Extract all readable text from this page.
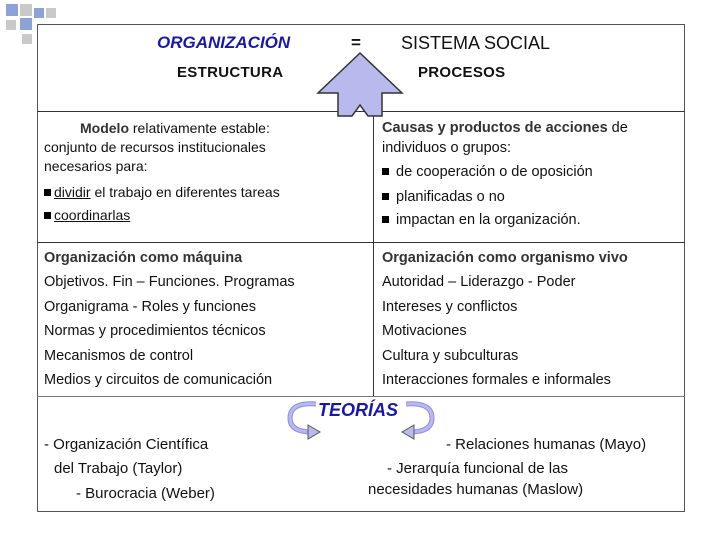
ORGANIZACIÓN	= SISTEMA SOCIAL
ESTRUCTURA	PROCESOS
Modelo relativamente estable:
conjunto de recursos institucionales
necesarios para:
dividir el trabajo en diferentes tareas
coordinarlas
Causas y productos de acciones de
individuos o grupos:
de cooperación o de oposición
planificadas o no
impactan en la organización.
Organización como máquina
Objetivos. Fin – Funciones. Programas
Organigrama - Roles y funciones
Normas y procedimientos técnicos
Mecanismos de control
Medios y circuitos de comunicación
Organización como organismo vivo
Autoridad – Liderazgo - Poder
Intereses y conflictos
Motivaciones
Cultura y subculturas
Interacciones formales e informales
TEORÍAS
- Organización Científica
del Trabajo (Taylor)
- Burocracia (Weber)
- Relaciones humanas (Mayo)
- Jerarquía funcional de las
necesidades humanas (Maslow)
